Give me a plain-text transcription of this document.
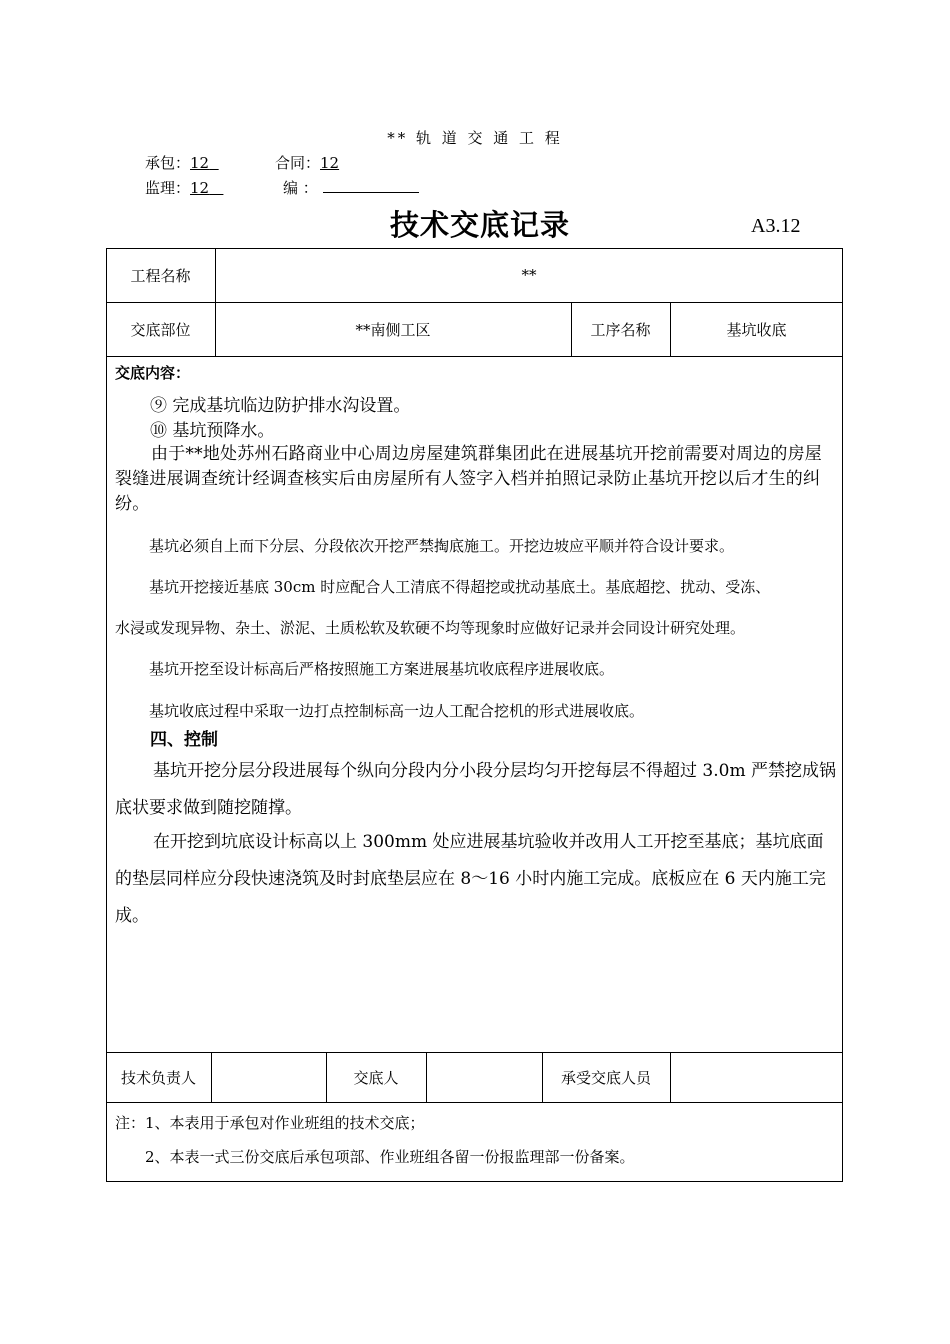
** 轨 道 交 通 工 程
承包：12	合同：12
监理：12	编 ：
技术交底记录	A3.12
工程名称	**
交底部位	**南侧工区	工序名称	基坑收底
交底内容：
⑨ 完成基坑临边防护排水沟设置。
⑩ 基坑预降水。

由于**地处苏州石路商业中心周边房屋建筑群集团此在进展基坑开挖前需要对周边的房屋裂缝进展调查统计经调查核实后由房屋所有人签字入档并拍照记录防止基坑开挖以后才生的纠纷。

基坑必须自上而下分层、分段依次开挖严禁掏底施工。开挖边坡应平顺并符合设计要求。
基坑开挖接近基底 30cm 时应配合人工清底不得超挖或扰动基底土。基底超挖、扰动、受冻、
水浸或发现异物、杂土、淤泥、土质松软及软硬不均等现象时应做好记录并会同设计研究处理。
基坑开挖至设计标高后严格按照施工方案进展基坑收底程序进展收底。
基坑收底过程中采取一边打点控制标高一边人工配合挖机的形式进展收底。
四、控制

基坑开挖分层分段进展每个纵向分段内分小段分层均匀开挖每层不得超过 3.0m 严禁挖成锅底状要求做到随挖随撑。

在开挖到坑底设计标高以上 300mm 处应进展基坑验收并改用人工开挖至基底；基坑底面的垫层同样应分段快速浇筑及时封底垫层应在 8～16 小时内施工完成。底板应在 6 天内施工完成。

技术负责人	交底人	承受交底人员
注：1、本表用于承包对作业班组的技术交底；
2、本表一式三份交底后承包项部、作业班组各留一份报监理部一份备案。
